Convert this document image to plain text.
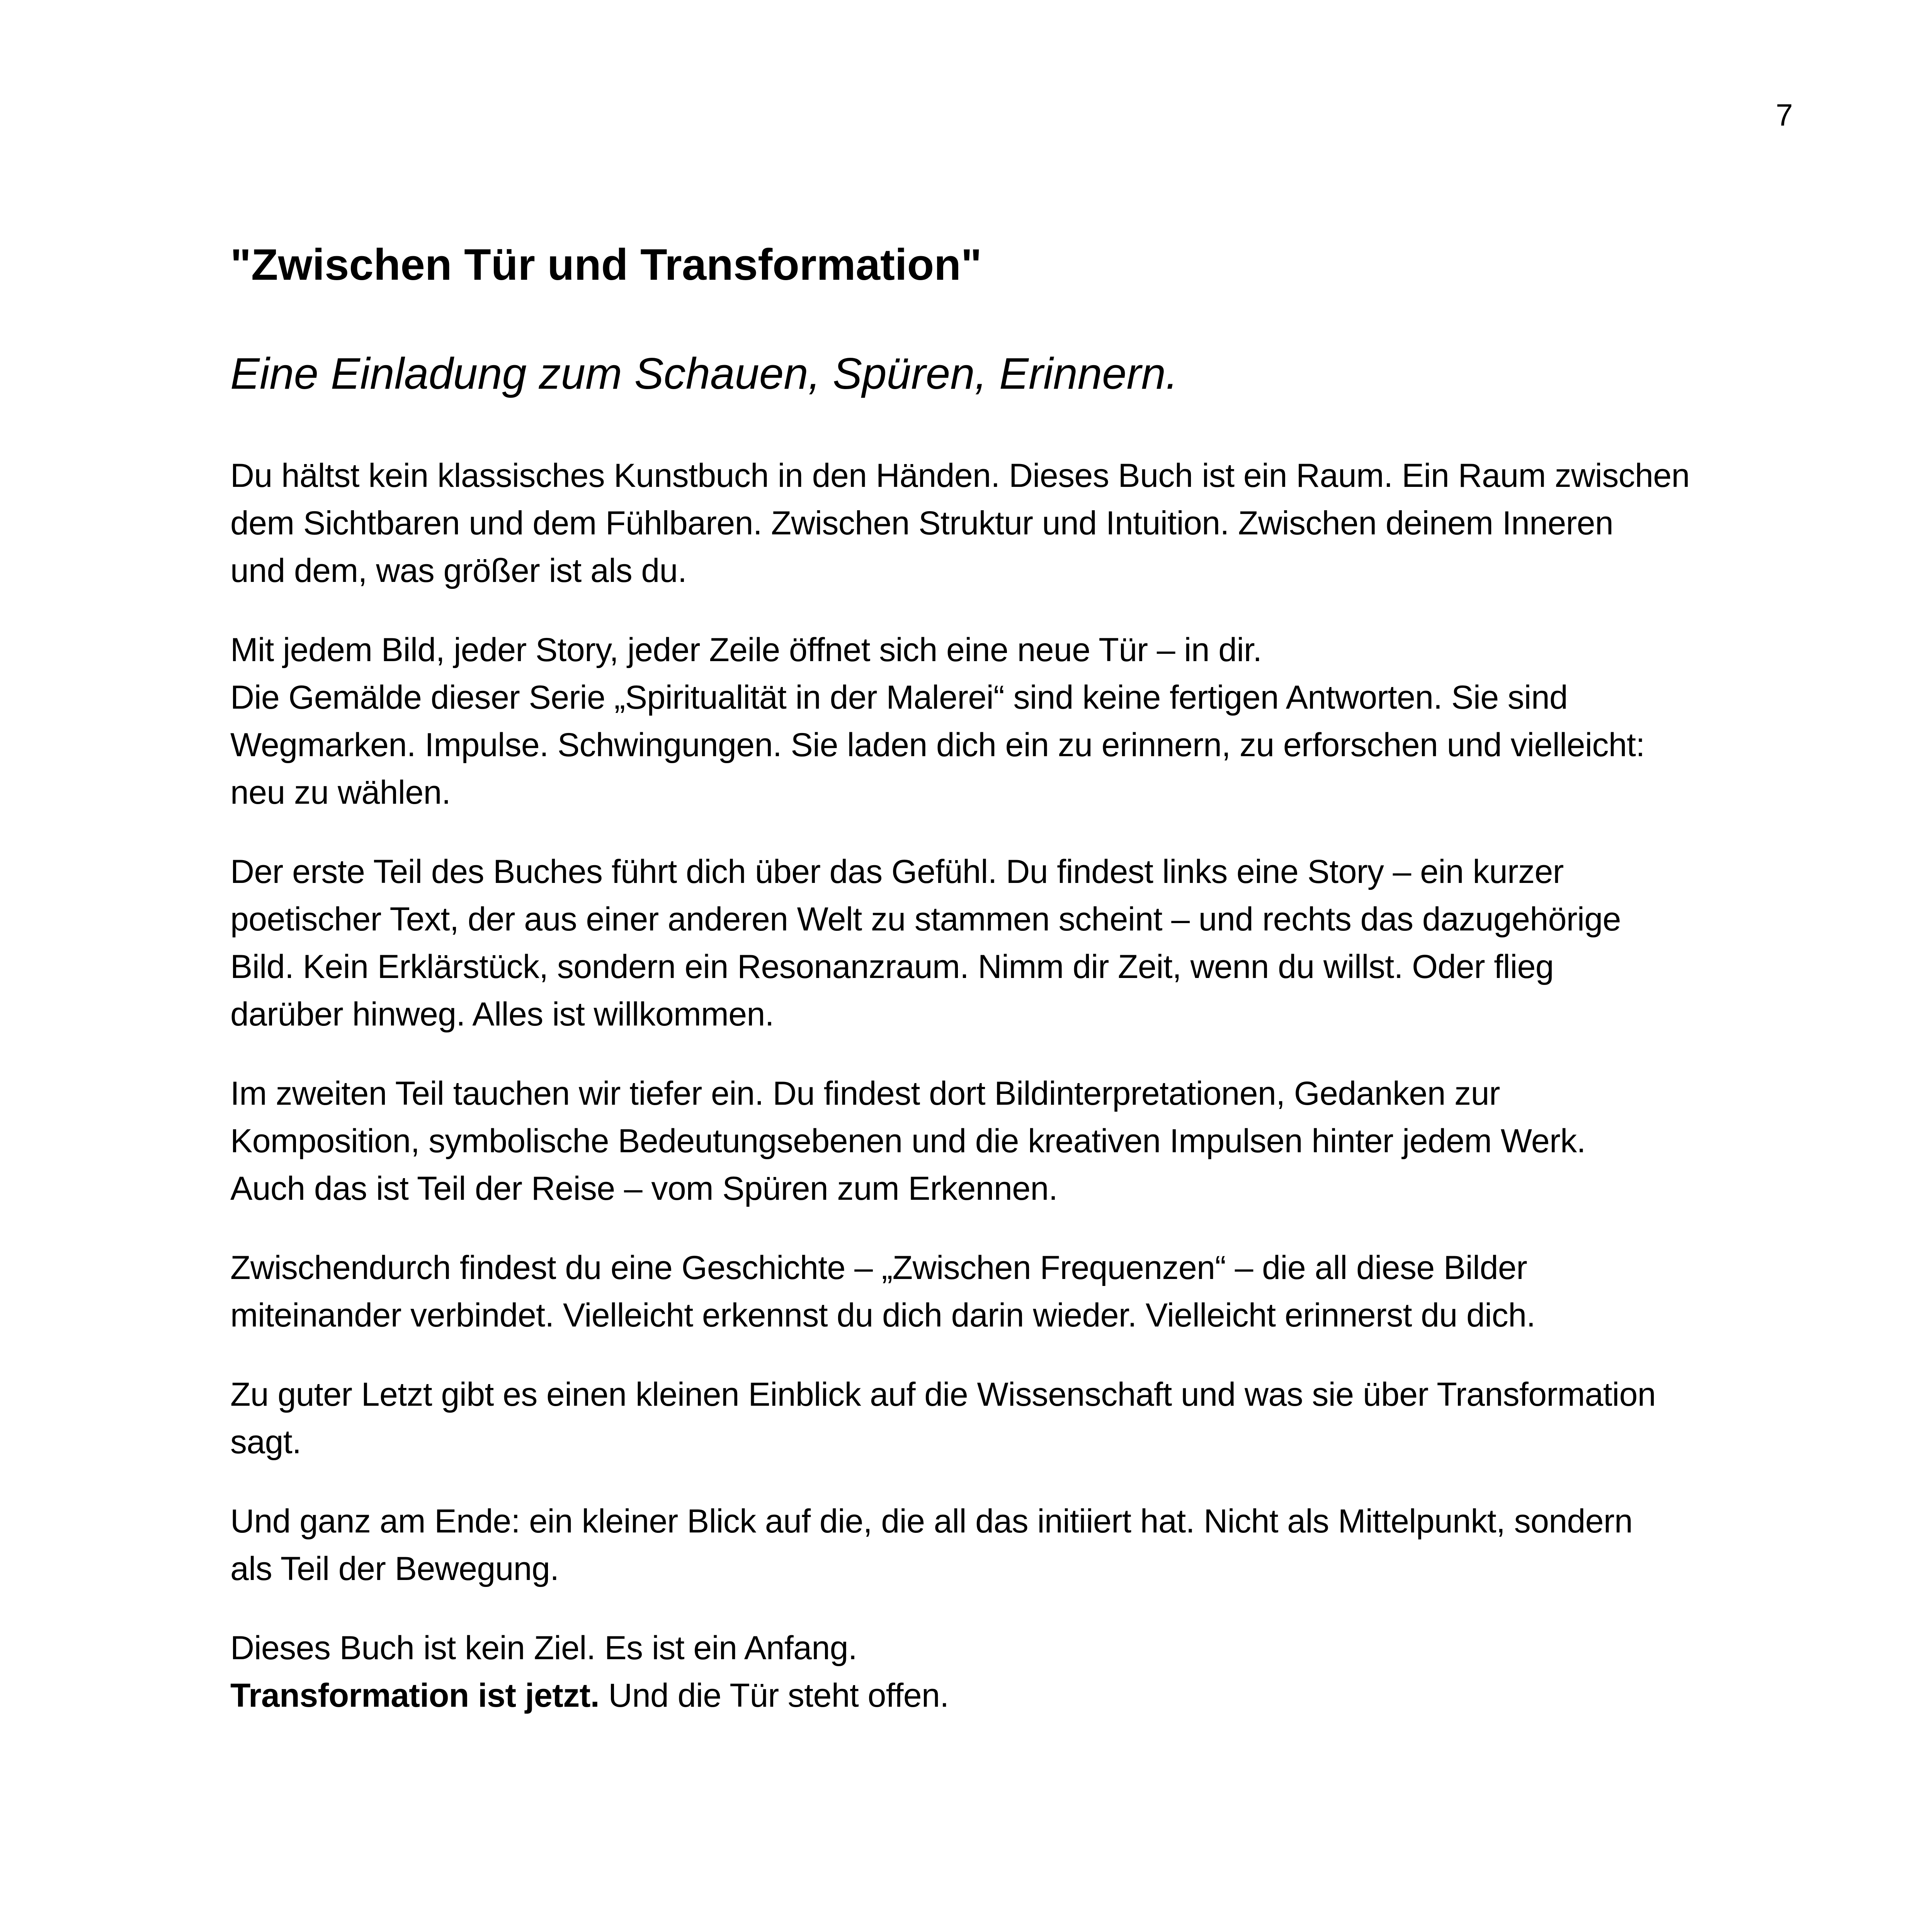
7
"Zwischen Tür und Transformation"
Eine Einladung zum Schauen, Spüren, Erinnern.

Du hältst kein klassisches Kunstbuch in den Händen. Dieses Buch ist ein Raum. Ein Raum zwischen
dem Sichtbaren und dem Fühlbaren. Zwischen Struktur und Intuition. Zwischen deinem Inneren
und dem, was größer ist als du.

Mit jedem Bild, jeder Story, jeder Zeile öffnet sich eine neue Tür – in dir.
Die Gemälde dieser Serie „Spiritualität in der Malerei“ sind keine fertigen Antworten. Sie sind
Wegmarken. Impulse. Schwingungen. Sie laden dich ein zu erinnern, zu erforschen und vielleicht:
neu zu wählen.

Der erste Teil des Buches führt dich über das Gefühl. Du findest links eine Story – ein kurzer
poetischer Text, der aus einer anderen Welt zu stammen scheint – und rechts das dazugehörige
Bild. Kein Erklärstück, sondern ein Resonanzraum. Nimm dir Zeit, wenn du willst. Oder flieg
darüber hinweg. Alles ist willkommen.

Im zweiten Teil tauchen wir tiefer ein. Du findest dort Bildinterpretationen, Gedanken zur
Komposition, symbolische Bedeutungsebenen und die kreativen Impulsen hinter jedem Werk.
Auch das ist Teil der Reise – vom Spüren zum Erkennen.

Zwischendurch findest du eine Geschichte – „Zwischen Frequenzen“ – die all diese Bilder
miteinander verbindet. Vielleicht erkennst du dich darin wieder. Vielleicht erinnerst du dich.

Zu guter Letzt gibt es einen kleinen Einblick auf die Wissenschaft und was sie über Transformation
sagt.

Und ganz am Ende: ein kleiner Blick auf die, die all das initiiert hat. Nicht als Mittelpunkt, sondern
als Teil der Bewegung.

Dieses Buch ist kein Ziel. Es ist ein Anfang.
Transformation ist jetzt. Und die Tür steht offen.
